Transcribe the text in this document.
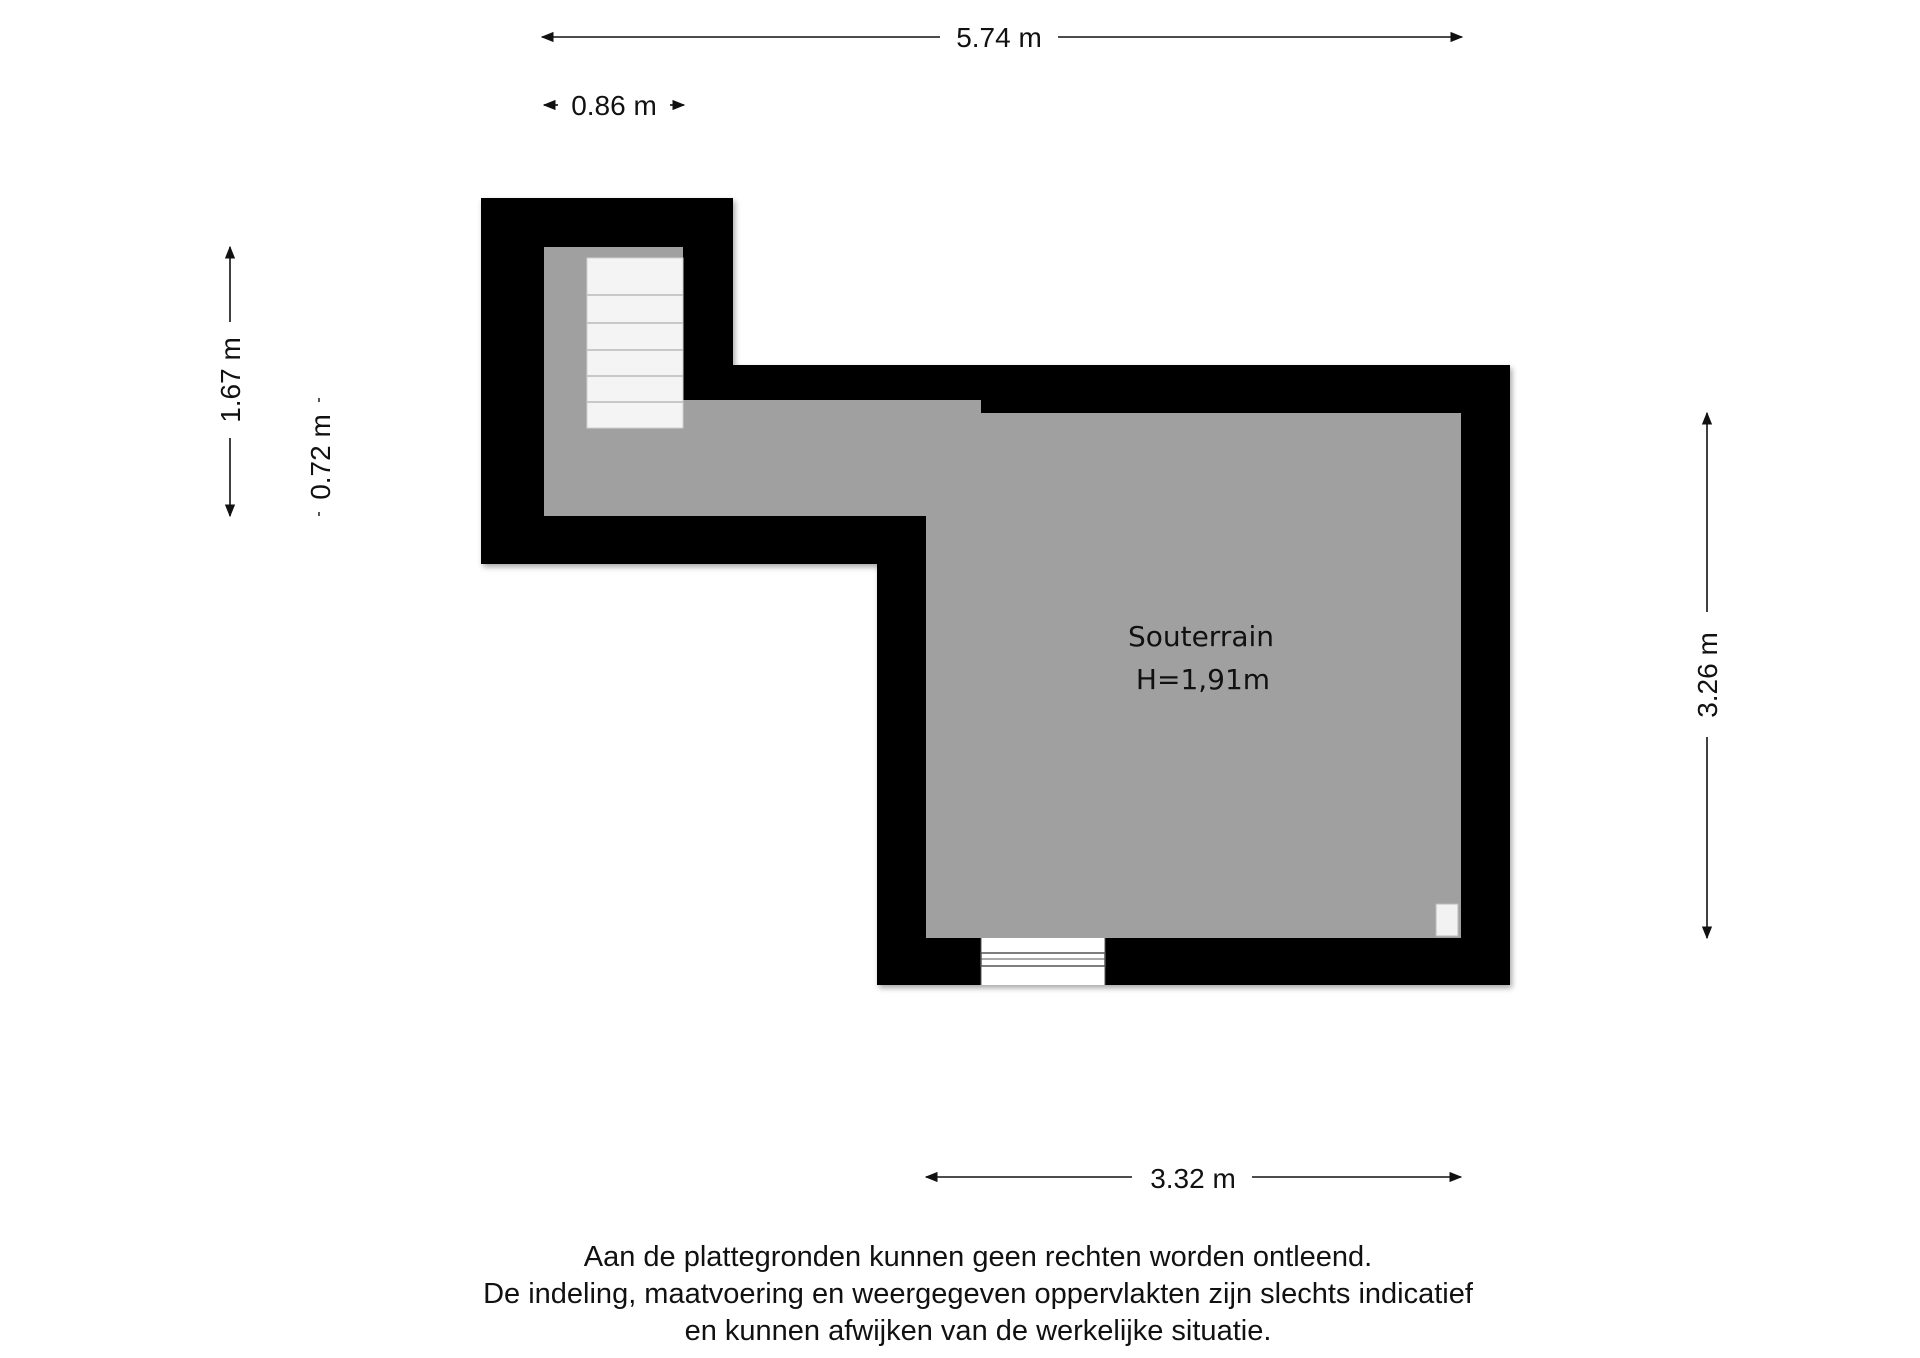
Souterrain
H=1,91m
5.74 m
0.86 m
1.67 m
0.72 m
3.26 m
3.32 m
Aan de plattegronden kunnen geen rechten worden ontleend.
De indeling, maatvoering en weergegeven oppervlakten zijn slechts indicatief
en kunnen afwijken van de werkelijke situatie.
